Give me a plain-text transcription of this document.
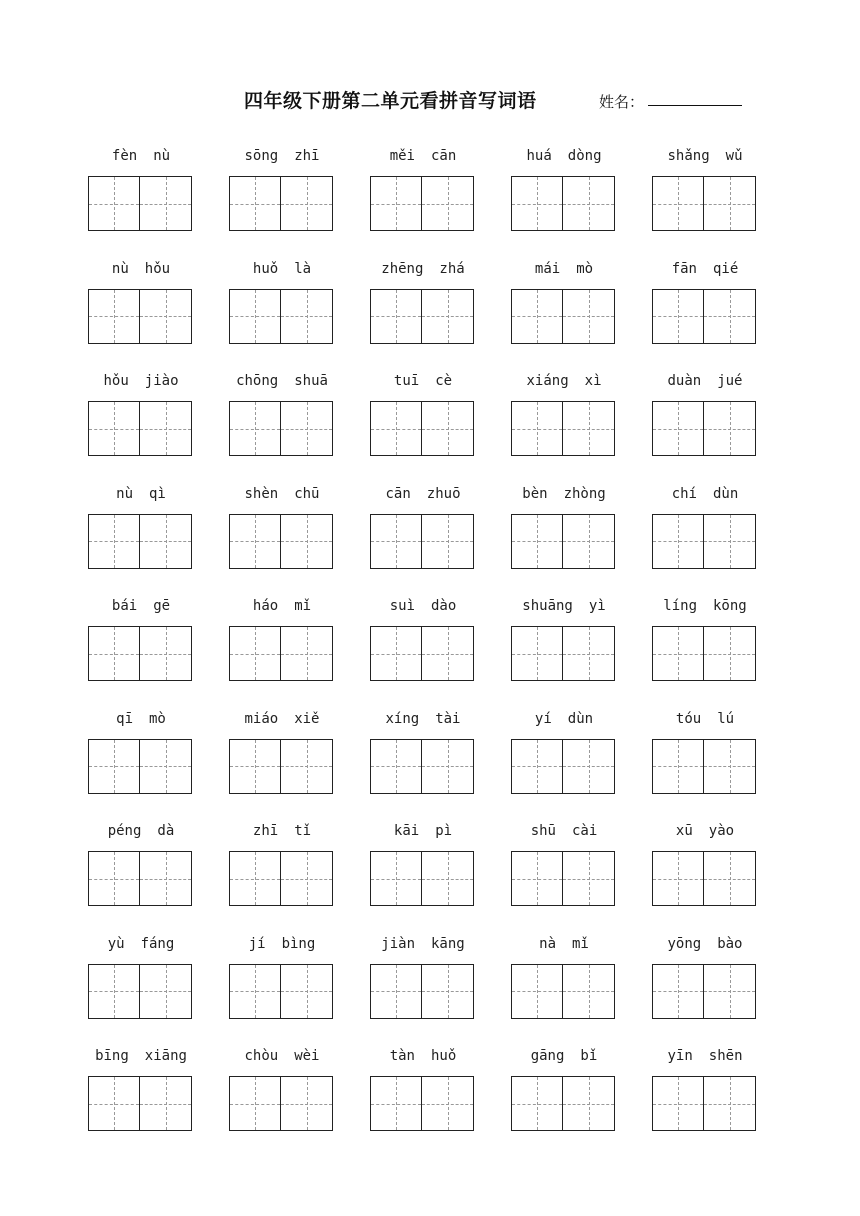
四年级下册第二单元看拼音写词语	姓名：
fèn nù	sōng zhī	měi cān	huá dòng	shǎng wǔ
nù hǒu	huǒ là	zhēng zhá	mái mò	fān qié
hǒu jiào	chōng shuā	tuī cè	xiáng xì	duàn jué
nù qì	shèn chū	cān zhuō	bèn zhòng	chí dùn
bái gē	háo mǐ	suì dào	shuāng yì	líng kōng
qī mò	miáo xiě	xíng tài	yí dùn	tóu lú
péng dà	zhī tǐ	kāi pì	shū cài	xū yào
yù fáng	jí bìng	jiàn kāng	nà mǐ	yōng bào
bīng xiāng	chòu wèi	tàn huǒ	gāng bǐ	yīn shēn
